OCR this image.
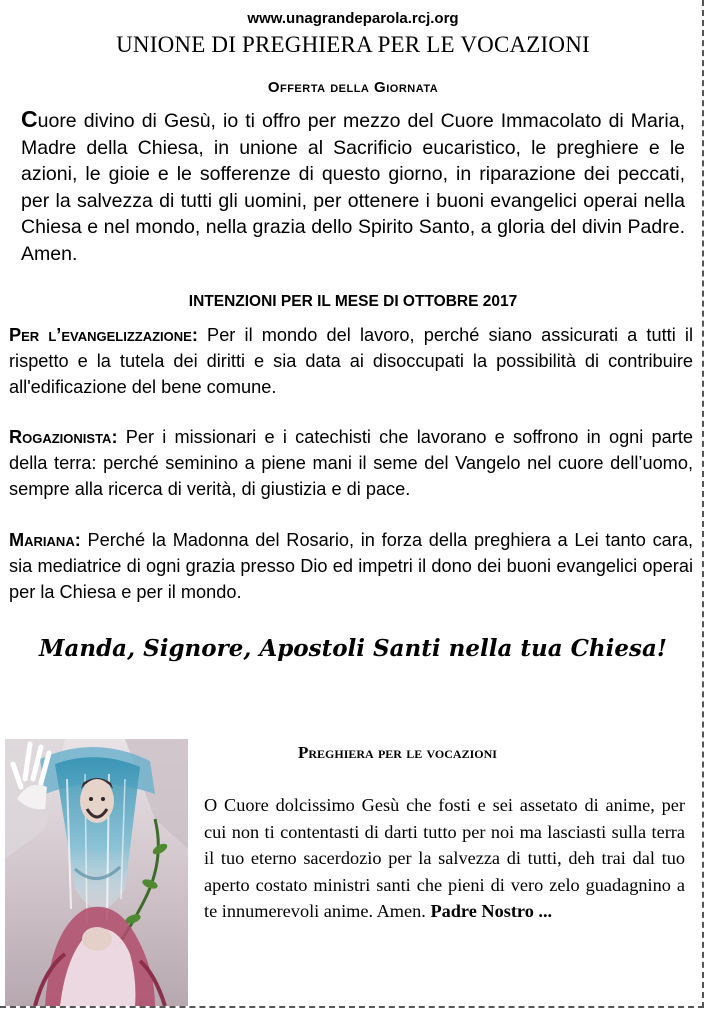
www.unagrandeparola.rcj.org
UNIONE DI PREGHIERA PER LE VOCAZIONI
Offerta della Giornata
Cuore divino di Gesù, io ti offro per mezzo del Cuore Immacolato di Maria, Madre della Chiesa, in unione al Sacrificio eucaristico, le preghiere e le azioni, le gioie e le sofferenze di questo giorno, in riparazione dei peccati, per la salvezza di tutti gli uomini, per ottenere i buoni evangelici operai nella Chiesa e nel mondo, nella grazia dello Spirito Santo, a gloria del divin Padre. Amen.
INTENZIONI PER IL MESE DI OTTOBRE 2017
Per l’evangelizzazione: Per il mondo del lavoro, perché siano assicurati a tutti il rispetto e la tutela dei diritti e sia data ai disoccupati la possibilità di contribuire all'edificazione del bene comune.
Rogazionista: Per i missionari e i catechisti che lavorano e soffrono in ogni parte della terra: perché seminino a piene mani il seme del Vangelo nel cuore dell’uomo, sempre alla ricerca di verità, di giustizia e di pace.
Mariana: Perché la Madonna del Rosario, in forza della preghiera a Lei tanto cara, sia mediatrice di ogni grazia presso Dio ed impetri il dono dei buoni evangelici operai per la Chiesa e per il mondo.
Manda, Signore, Apostoli Santi nella tua Chiesa!
Preghiera per le vocazioni
O Cuore dolcissimo Gesù che fosti e sei assetato di anime, per cui non ti contentasti di darti tutto per noi ma lasciasti sulla terra il tuo eterno sacerdozio per la salvezza di tutti, deh trai dal tuo aperto costato ministri santi che pieni di vero zelo guadagnino a te innumerevoli anime. Amen. Padre Nostro ...
